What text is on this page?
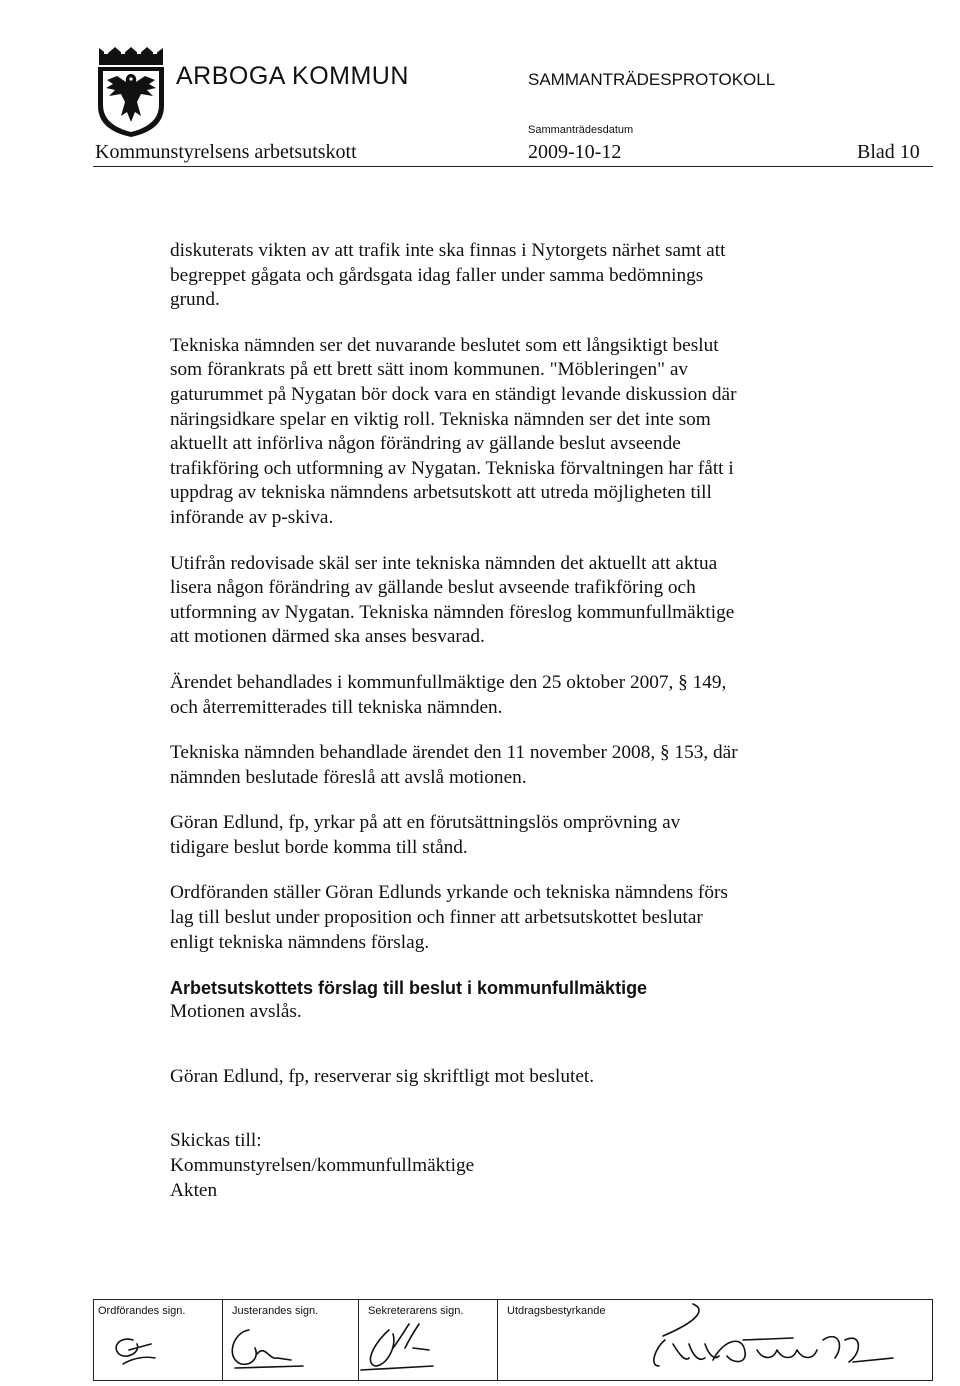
ARBOGA KOMMUN	SAMMANTRÄDESPROTOKOLL
Sammanträdesdatum
Kommunstyrelsens arbetsutskott	2009-10-12	Blad 10

diskuterats vikten av att trafik inte ska finnas i Nytorgets närhet samt att
begreppet gågata och gårdsgata idag faller under samma bedömnings
grund.

Tekniska nämnden ser det nuvarande beslutet som ett långsiktigt beslut
som förankrats på ett brett sätt inom kommunen. "Möbleringen" av
gaturummet på Nygatan bör dock vara en ständigt levande diskussion där
näringsidkare spelar en viktig roll. Tekniska nämnden ser det inte som
aktuellt att införliva någon förändring av gällande beslut avseende
trafikföring och utformning av Nygatan. Tekniska förvaltningen har fått i
uppdrag av tekniska nämndens arbetsutskott att utreda möjligheten till
införande av p-skiva.

Utifrån redovisade skäl ser inte tekniska nämnden det aktuellt att aktua
lisera någon förändring av gällande beslut avseende trafikföring och
utformning av Nygatan. Tekniska nämnden föreslog kommunfullmäktige
att motionen därmed ska anses besvarad.

Ärendet behandlades i kommunfullmäktige den 25 oktober 2007, § 149,
och återremitterades till tekniska nämnden.

Tekniska nämnden behandlade ärendet den 11 november 2008, § 153, där
nämnden beslutade föreslå att avslå motionen.

Göran Edlund, fp, yrkar på att en förutsättningslös omprövning av
tidigare beslut borde komma till stånd.

Ordföranden ställer Göran Edlunds yrkande och tekniska nämndens förs
lag till beslut under proposition och finner att arbetsutskottet beslutar
enligt tekniska nämndens förslag.

Arbetsutskottets förslag till beslut i kommunfullmäktige

Motionen avslås.

Göran Edlund, fp, reserverar sig skriftligt mot beslutet.

Skickas till:
Kommunstyrelsen/kommunfullmäktige
Akten

Ordförandes sign.	Justerandes sign.	Sekreterarens sign.	Utdragsbestyrkande
